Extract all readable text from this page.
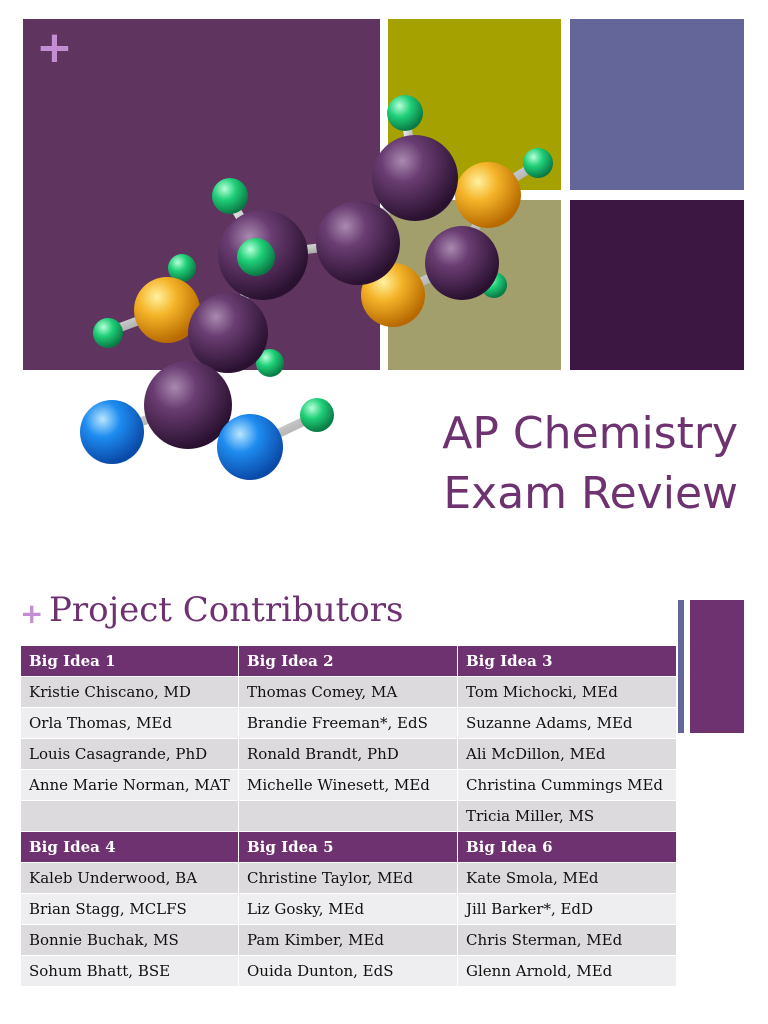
+
AP Chemistry
Exam Review
+ Project Contributors
Big Idea 1	Big Idea 2	Big Idea 3
Kristie Chiscano, MD	Thomas Comey, MA	Tom Michocki, MEd
Orla Thomas, MEd	Brandie Freeman*, EdS	Suzanne Adams, MEd
Louis Casagrande, PhD	Ronald Brandt, PhD	Ali McDillon, MEd
Anne Marie Norman, MAT	Michelle Winesett, MEd	Christina Cummings MEd
		Tricia Miller, MS
Big Idea 4	Big Idea 5	Big Idea 6
Kaleb Underwood, BA	Christine Taylor, MEd	Kate Smola, MEd
Brian Stagg, MCLFS	Liz Gosky, MEd	Jill Barker*, EdD
Bonnie Buchak, MS	Pam Kimber, MEd	Chris Sterman, MEd
Sohum Bhatt, BSE	Ouida Dunton, EdS	Glenn Arnold, MEd
